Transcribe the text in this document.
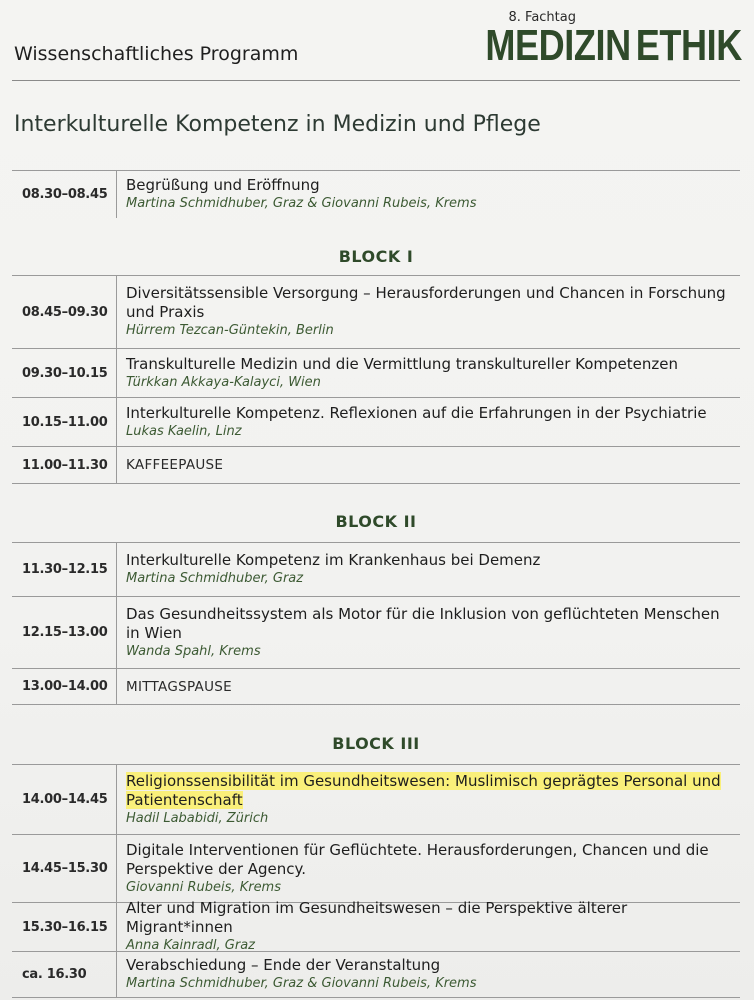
Wissenschaftliches Programm
8. Fachtag
MEDIZIN ETHIK
Interkulturelle Kompetenz in Medizin und Pflege
08.30–08.45
Begrüßung und Eröffnung
Martina Schmidhuber, Graz & Giovanni Rubeis, Krems
BLOCK I
08.45–09.30
Diversitätssensible Versorgung – Herausforderungen und Chancen in Forschung und Praxis
Hürrem Tezcan-Güntekin, Berlin
09.30–10.15
Transkulturelle Medizin und die Vermittlung transkultureller Kompetenzen
Türkkan Akkaya-Kalayci, Wien
10.15–11.00
Interkulturelle Kompetenz. Reflexionen auf die Erfahrungen in der Psychiatrie
Lukas Kaelin, Linz
11.00–11.30 KAFFEEPAUSE
BLOCK II
11.30–12.15
Interkulturelle Kompetenz im Krankenhaus bei Demenz
Martina Schmidhuber, Graz
12.15–13.00
Das Gesundheitssystem als Motor für die Inklusion von geflüchteten Menschen in Wien
Wanda Spahl, Krems
13.00–14.00 MITTAGSPAUSE
BLOCK III
14.00–14.45
Religionssensibilität im Gesundheitswesen: Muslimisch geprägtes Personal und Patientenschaft
Hadil Lababidi, Zürich
14.45–15.30
Digitale Interventionen für Geflüchtete. Herausforderungen, Chancen und die Perspektive der Agency.
Giovanni Rubeis, Krems
15.30–16.15
Alter und Migration im Gesundheitswesen – die Perspektive älterer Migrant*innen
Anna Kainradl, Graz
ca. 16.30
Verabschiedung – Ende der Veranstaltung
Martina Schmidhuber, Graz & Giovanni Rubeis, Krems
